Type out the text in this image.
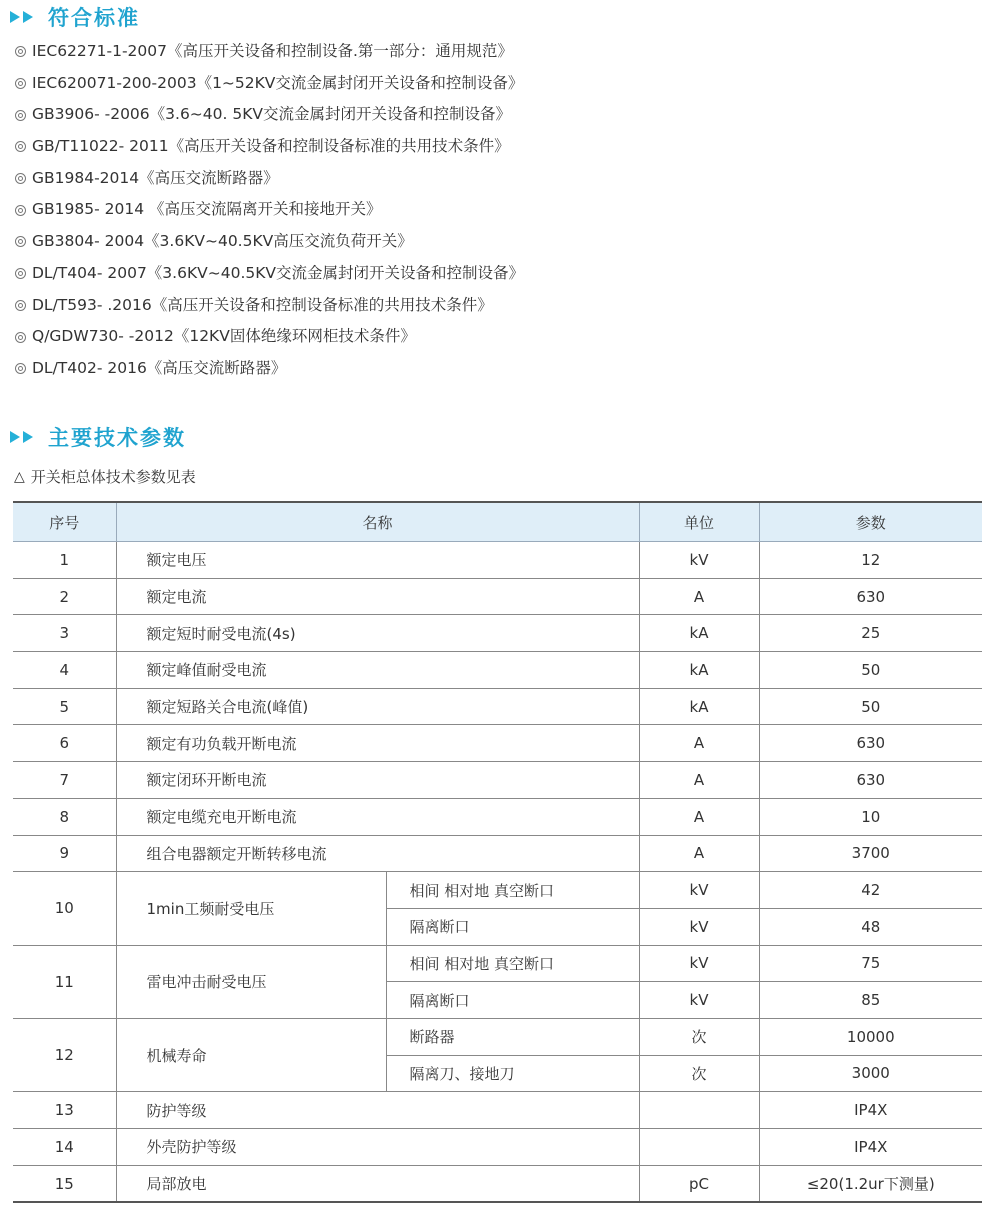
符合标准
IEC62271-1-2007《高压开关设备和控制设备.第一部分：通用规范》
IEC620071-200-2003《1~52KV交流金属封闭开关设备和控制设备》
GB3906- -2006《3.6~40. 5KV交流金属封闭开关设备和控制设备》
GB/T11022- 2011《高压开关设备和控制设备标准的共用技术条件》
GB1984-2014《高压交流断路器》
GB1985- 2014 《高压交流隔离开关和接地开关》
GB3804- 2004《3.6KV~40.5KV高压交流负荷开关》
DL/T404- 2007《3.6KV~40.5KV交流金属封闭开关设备和控制设备》
DL/T593- .2016《高压开关设备和控制设备标准的共用技术条件》
Q/GDW730- -2012《12KV固体绝缘环网柜技术条件》
DL/T402- 2016《高压交流断路器》
主要技术参数
△ 开关柜总体技术参数见表
序号	名称		单位	参数
1	额定电压		kV	12
2	额定电流		A	630
3	额定短时耐受电流(4s)		kA	25
4	额定峰值耐受电流		kA	50
5	额定短路关合电流(峰值)		kA	50
6	额定有功负载开断电流		A	630
7	额定闭环开断电流		A	630
8	额定电缆充电开断电流		A	10
9	组合电器额定开断转移电流		A	3700
10	1min工频耐受电压	相间 相对地 真空断口	kV	42
		隔离断口	kV	48
11	雷电冲击耐受电压	相间 相对地 真空断口	kV	75
		隔离断口	kV	85
12	机械寿命	断路器	次	10000
		隔离刀、接地刀	次	3000
13	防护等级			IP4X
14	外壳防护等级			IP4X
15	局部放电		pC	≤20(1.2ur下测量)
